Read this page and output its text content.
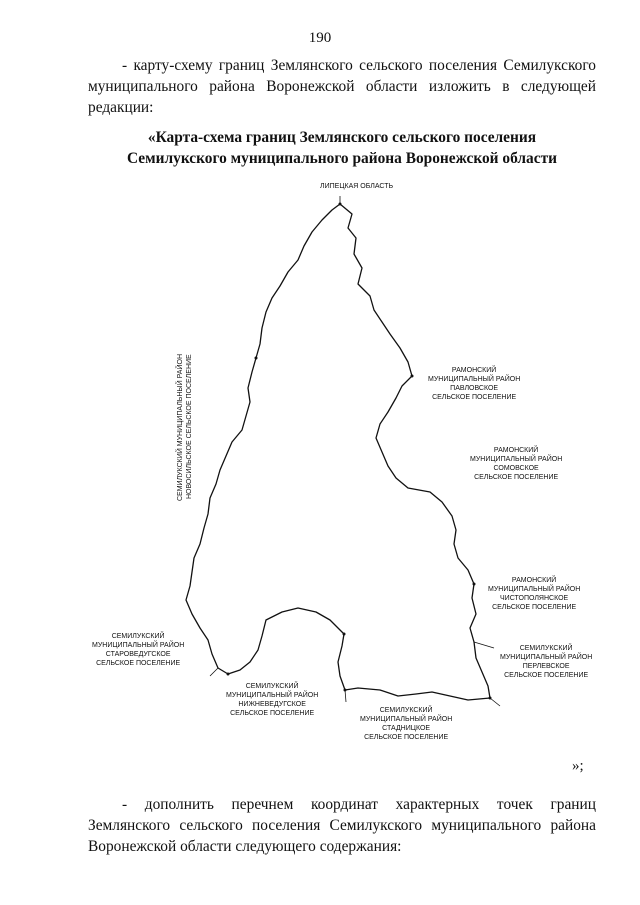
190

- карту-схему границ Землянского сельского поселения Семилукского муниципального района Воронежской области изложить в следующей редакции:

«Карта-схема границ Землянского сельского поселения
Семилукского муниципального района Воронежской области
ЛИПЕЦКАЯ ОБЛАСТЬ
СЕМИЛУКСКИЙ МУНИЦИПАЛЬНЫЙ РАЙОН НОВОСИЛЬСКОЕ СЕЛЬСКОЕ ПОСЕЛЕНИЕ	РАМОНСКИЙ
МУНИЦИПАЛЬНЫЙ РАЙОН
ПАВЛОВСКОЕ
СЕЛЬСКОЕ ПОСЕЛЕНИЕ
РАМОНСКИЙ
МУНИЦИПАЛЬНЫЙ РАЙОН
СОМОВСКОЕ
СЕЛЬСКОЕ ПОСЕЛЕНИЕ
РАМОНСКИЙ
МУНИЦИПАЛЬНЫЙ РАЙОН
ЧИСТОПОЛЯНСКОЕ
СЕЛЬСКОЕ ПОСЕЛЕНИЕ
СЕМИЛУКСКИЙ
МУНИЦИПАЛЬНЫЙ РАЙОН
ПЕРЛЕВСКОЕ
СЕЛЬСКОЕ ПОСЕЛЕНИЕ
СЕМИЛУКСКИЙ
МУНИЦИПАЛЬНЫЙ РАЙОН
СТАРОВЕДУГСКОЕ
СЕЛЬСКОЕ ПОСЕЛЕНИЕ
СЕМИЛУКСКИЙ
МУНИЦИПАЛЬНЫЙ РАЙОН
НИЖНЕВЕДУГСКОЕ
СЕЛЬСКОЕ ПОСЕЛЕНИЕ	СЕМИЛУКСКИЙ
МУНИЦИПАЛЬНЫЙ РАЙОН
СТАДНИЦКОЕ
СЕЛЬСКОЕ ПОСЕЛЕНИЕ
»;

- дополнить перечнем координат характерных точек границ Землянского сельского поселения Семилукского муниципального района Воронежской области следующего содержания:
